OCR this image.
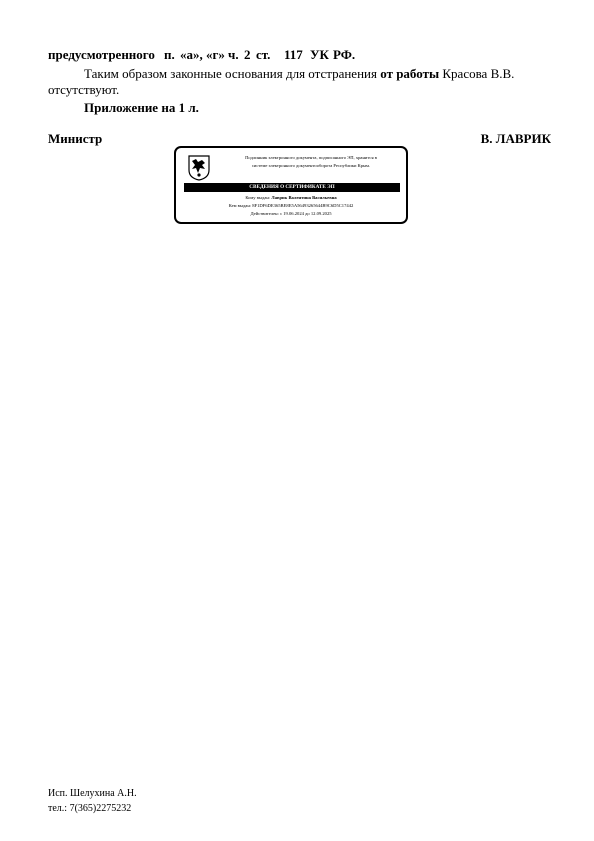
предусмотренного п. «а», «г» ч. 2 ст. 117 УК РФ.
Таким образом законные основания для отстранения от работы Красова В.В.
отсутствуют.
Приложение на 1 л.
Министр	В. ЛАВРИК
Подлинник электронного документа, подписанного ЭП, хранится в
системе электронного документооборота Республики Крым.
СВЕДЕНИЯ О СЕРТИФИКАТЕ ЭП
Кому выдан: Лаврик Валентина Васильевна
Кем выдан: 8F1DF6DE365BE8E5A56493265644B9C6D5C17442
Действителен: с 19.06.2024 до 12.09.2025
Исп. Шелухина А.Н.
тел.: 7(365)2275232
